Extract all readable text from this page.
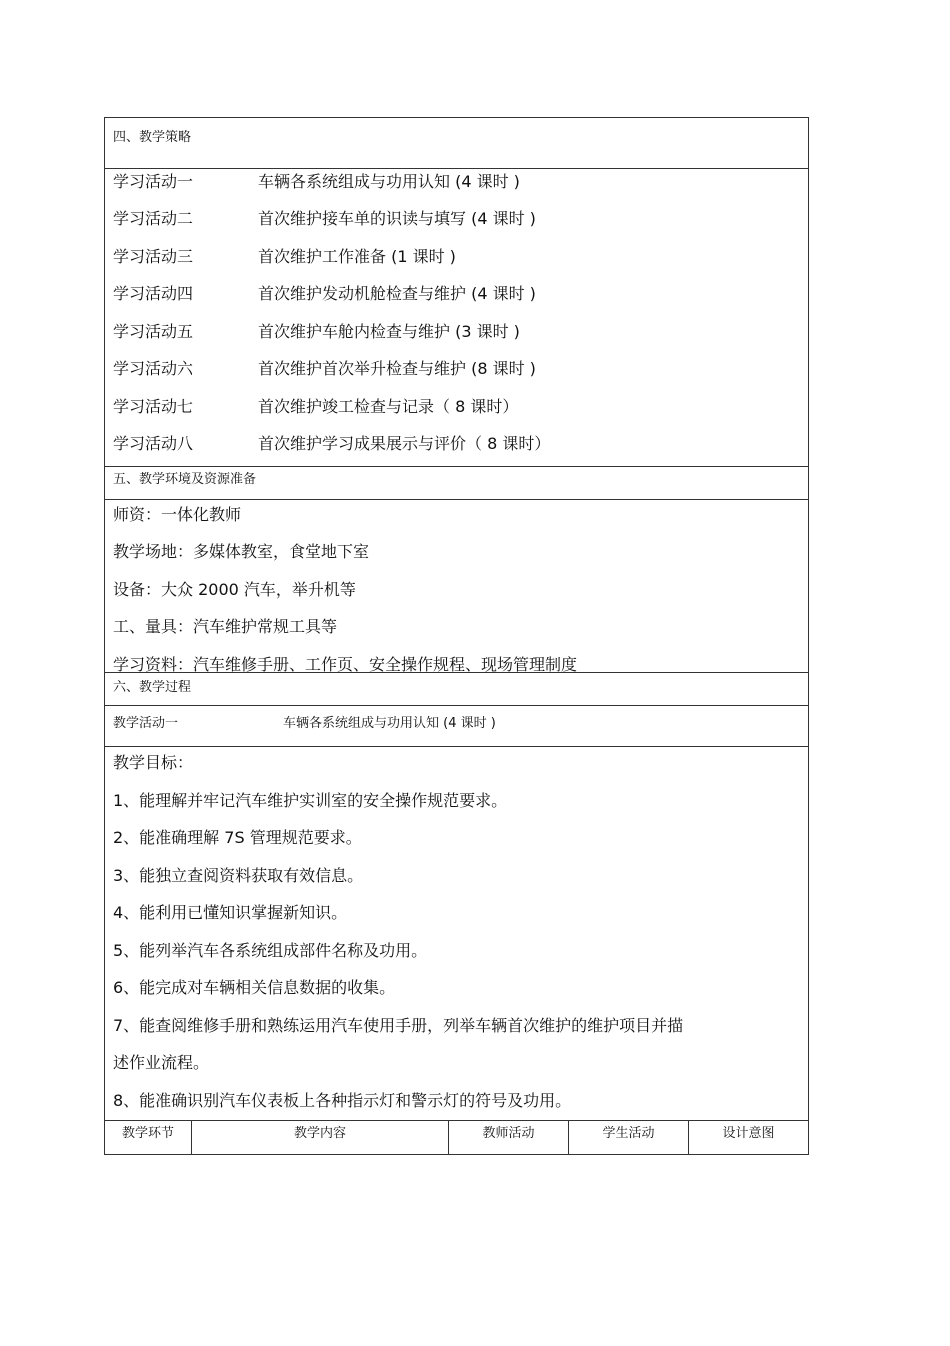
四、教学策略
学习活动一	车辆各系统组成与功用认知 (4 课时 )
学习活动二	首次维护接车单的识读与填写 (4 课时 )
学习活动三	首次维护工作准备 (1 课时 )
学习活动四	首次维护发动机舱检查与维护 (4 课时 )
学习活动五	首次维护车舱内检查与维护 (3 课时 )
学习活动六	首次维护首次举升检查与维护 (8 课时 )
学习活动七	首次维护竣工检查与记录（ 8 课时）
学习活动八	首次维护学习成果展示与评价（ 8 课时）
五、教学环境及资源准备
师资：一体化教师
教学场地：多媒体教室，食堂地下室
设备：大众 2000 汽车，举升机等
工、量具：汽车维护常规工具等
学习资料：汽车维修手册、工作页、安全操作规程、现场管理制度
六、教学过程
教学活动一	车辆各系统组成与功用认知 (4 课时 )
教学目标：
1、能理解并牢记汽车维护实训室的安全操作规范要求。
2、能准确理解 7S 管理规范要求。
3、能独立查阅资料获取有效信息。
4、能利用已懂知识掌握新知识。
5、能列举汽车各系统组成部件名称及功用。
6、能完成对车辆相关信息数据的收集。
7、能查阅维修手册和熟练运用汽车使用手册，列举车辆首次维护的维护项目并描
述作业流程。
8、能准确识别汽车仪表板上各种指示灯和警示灯的符号及功用。
教学环节	教学内容	教师活动	学生活动	设计意图
